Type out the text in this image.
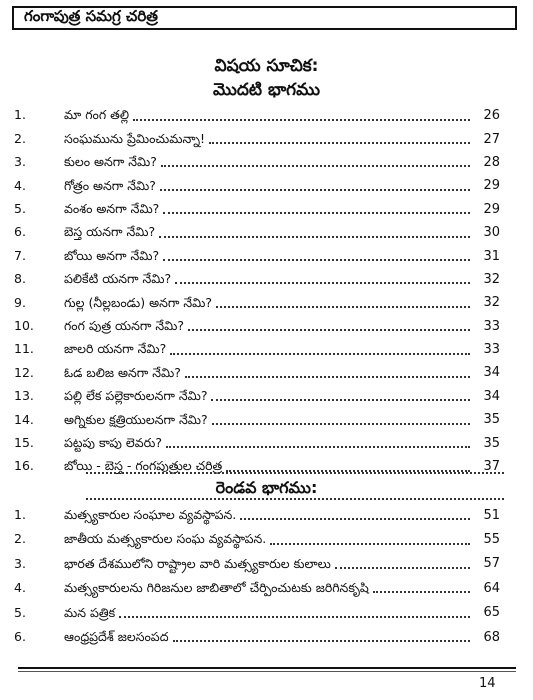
గంగాపుత్ర సమగ్ర చరిత్ర
విషయ సూచిక:
మొదటి భాగము
1.	మా గంగ తల్లి	26
2.	సంఘమును ప్రేమించుమన్నా!	27
3.	కులం అనగా నేమి?	28
4.	గోత్రం అనగా నేమి?	29
5.	వంశం అనగా నేమి?	29
6.	బెస్త యనగా నేమి?	30
7.	బోయి అనగా నేమి?	31
8.	పలికేటి యనగా నేమి?	32
9.	గుల్ల (నీల్లబండు) అనగా నేమి?	32
10.	గంగ పుత్ర యనగా నేమి?	33
11.	జాలరి యనగా నేమి?	33
12.	ఓడ బలిజ అనగా నేమి?	34
13.	పల్లి లేక పల్లెకారులనగా నేమి?	34
14.	అగ్నికుల క్షత్రియులనగా నేమి?	35
15.	పట్టపు కాపు లెవరు?	35
16.	బోయి - బెస్త - గంగపుత్రుల చరిత్ర	37
రెండవ భాగము:
1.	మత్స్యకారుల సంఘాల వ్యవస్థాపన.	51
2.	జాతీయ మత్స్యకారుల సంఘ వ్యవస్థాపన.	55
3.	భారత దేశములోని రాష్ట్రాల వారి మత్స్యకారుల కులాలు	57
4.	మత్స్యకారులను గిరిజనుల జాబితాలో చేర్పించుటకు జరిగినకృషి	64
5.	మన పత్రిక	65
6.	ఆంధ్రప్రదేశ్ జలసంపద	68
14
